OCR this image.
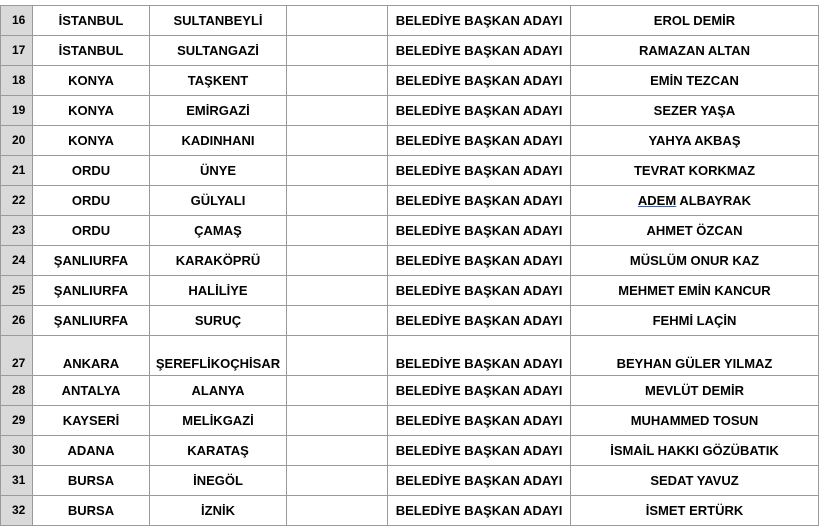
16	İSTANBUL	SULTANBEYLİ		BELEDİYE BAŞKAN ADAYI	EROL DEMİR
17	İSTANBUL	SULTANGAZİ		BELEDİYE BAŞKAN ADAYI	RAMAZAN ALTAN
18	KONYA	TAŞKENT		BELEDİYE BAŞKAN ADAYI	EMİN TEZCAN
19	KONYA	EMİRGAZİ		BELEDİYE BAŞKAN ADAYI	SEZER YAŞA
20	KONYA	KADINHANI		BELEDİYE BAŞKAN ADAYI	YAHYA AKBAŞ
21	ORDU	ÜNYE		BELEDİYE BAŞKAN ADAYI	TEVRAT KORKMAZ
22	ORDU	GÜLYALI		BELEDİYE BAŞKAN ADAYI	ADEM ALBAYRAK
23	ORDU	ÇAMAŞ		BELEDİYE BAŞKAN ADAYI	AHMET ÖZCAN
24	ŞANLIURFA	KARAKÖPRÜ		BELEDİYE BAŞKAN ADAYI	MÜSLÜM ONUR KAZ
25	ŞANLIURFA	HALİLİYE		BELEDİYE BAŞKAN ADAYI	MEHMET EMİN KANCUR
26	ŞANLIURFA	SURUÇ		BELEDİYE BAŞKAN ADAYI	FEHMİ LAÇİN
27	ANKARA	ŞEREFLİKOÇHİSAR		BELEDİYE BAŞKAN ADAYI	BEYHAN GÜLER YILMAZ
28	ANTALYA	ALANYA		BELEDİYE BAŞKAN ADAYI	MEVLÜT DEMİR
29	KAYSERİ	MELİKGAZİ		BELEDİYE BAŞKAN ADAYI	MUHAMMED TOSUN
30	ADANA	KARATAŞ		BELEDİYE BAŞKAN ADAYI	İSMAİL HAKKI GÖZÜBATIK
31	BURSA	İNEGÖL		BELEDİYE BAŞKAN ADAYI	SEDAT YAVUZ
32	BURSA	İZNİK		BELEDİYE BAŞKAN ADAYI	İSMET ERTÜRK
